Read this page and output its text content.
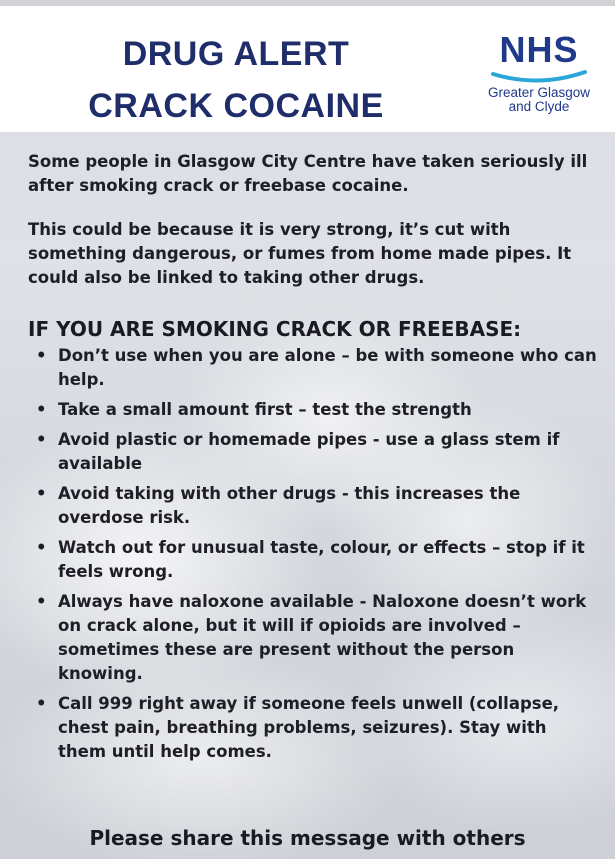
DRUG ALERT
CRACK COCAINE
NHS
Greater Glasgow
and Clyde

Some people in Glasgow City Centre have taken seriously ill after smoking crack or freebase cocaine.

This could be because it is very strong, it’s cut with something dangerous, or fumes from home made pipes. It could also be linked to taking other drugs.

IF YOU ARE SMOKING CRACK OR FREEBASE:
• Don’t use when you are alone – be with someone who can help.
• Take a small amount first – test the strength
• Avoid plastic or homemade pipes - use a glass stem if available
• Avoid taking with other drugs - this increases the overdose risk.
• Watch out for unusual taste, colour, or effects – stop if it feels wrong.
• Always have naloxone available - Naloxone doesn’t work on crack alone, but it will if opioids are involved – sometimes these are present without the person knowing.
• Call 999 right away if someone feels unwell (collapse, chest pain, breathing problems, seizures). Stay with them until help comes.
Please share this message with others
